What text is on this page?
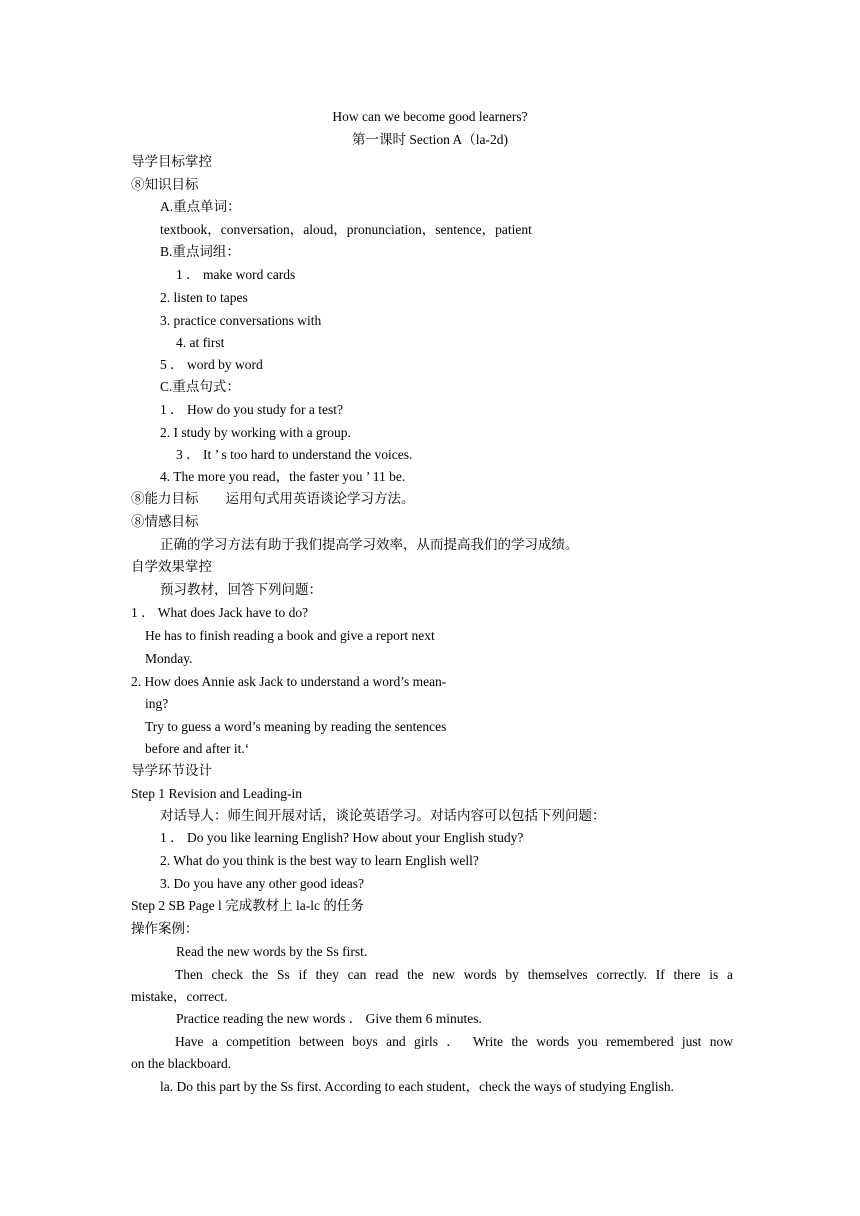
How can we become good learners?
第一课时 Section A（la-2d)
导学目标掌控
⑧知识目标
A.重点单词：
textbook，conversation，aloud，pronunciation，sentence，patient
B.重点词组：
1 ． make word cards
2. listen to tapes
3. practice conversations with
4. at first
5 ． word by word
C.重点句式：
1 ． How do you study for a test?
2. I study by working with a group.
3 ． It ’ s too hard to understand the voices.
4. The more you read，the faster you ’ 11 be.
⑧能力目标　　运用句式用英语谈论学习方法。
⑧情感目标
正确的学习方法有助于我们提高学习效率，从而提高我们的学习成绩。
自学效果掌控
预习教材，回答下列问题：
1 ． What does Jack have to do?
He has to finish reading a book and give a report next
Monday.
2. How does Annie ask Jack to understand a word’s mean-
ing?
Try to guess a word’s meaning by reading the sentences
before and after it.‘
导学环节设计
Step 1 Revision and Leading-in
对话导人：师生间开展对话，谈论英语学习。对话内容可以包括下列问题：
1 ． Do you like learning English? How about your English study?
2. What do you think is the best way to learn English well?
3. Do you have any other good ideas?
Step 2 SB Page l 完成教材上 la-lc 的任务
操作案例：
Read the new words by the Ss first.
Then check the Ss if they can read the new words by themselves correctly. If there is a
mistake，correct.
Practice reading the new words ． Give them 6 minutes.
Have a competition between boys and girls ． Write the words you remembered just now
on the blackboard.
la. Do this part by the Ss first. According to each student，check the ways of studying English.
